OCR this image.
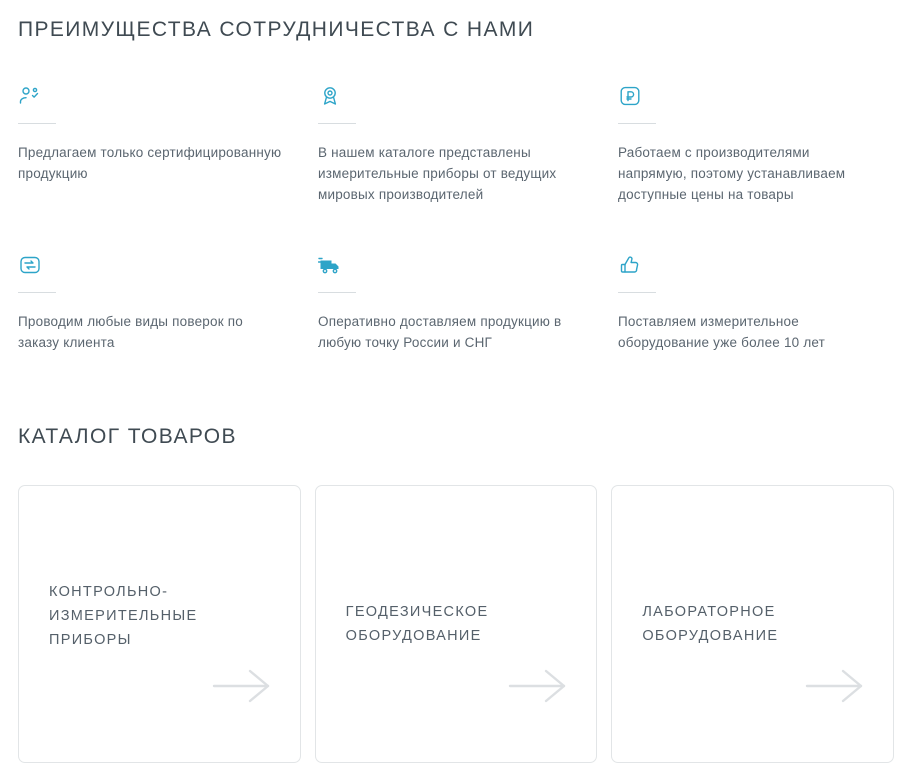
ПРЕИМУЩЕСТВА СОТРУДНИЧЕСТВА С НАМИ
Предлагаем только сертифицированную продукцию
В нашем каталоге представлены измерительные приборы от ведущих мировых производителей
Работаем с производителями напрямую, поэтому устанавливаем доступные цены на товары
Проводим любые виды поверок по заказу клиента
Оперативно доставляем продукцию в любую точку России и СНГ
Поставляем измерительное оборудование уже более 10 лет
КАТАЛОГ ТОВАРОВ
КОНТРОЛЬНО-ИЗМЕРИТЕЛЬНЫЕ ПРИБОРЫ
ГЕОДЕЗИЧЕСКОЕ ОБОРУДОВАНИЕ
ЛАБОРАТОРНОЕ ОБОРУДОВАНИЕ
